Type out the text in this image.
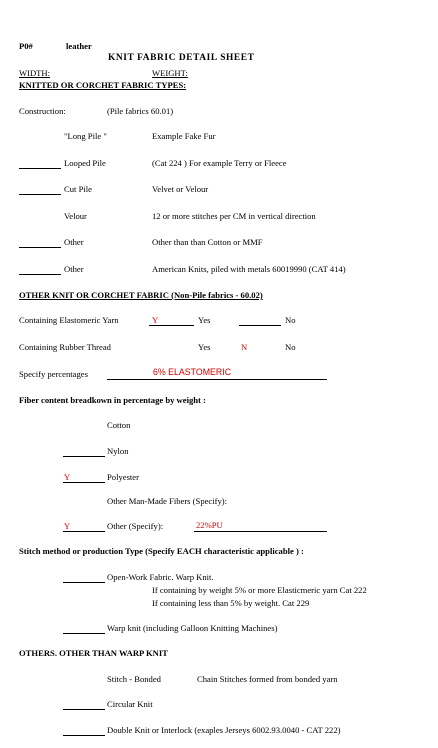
P0#	leather
KNIT FABRIC DETAIL SHEET
WIDTH:	WEIGHT:
KNITTED OR CORCHET FABRIC TYPES:
Construction:	(Pile fabrics 60.01)
"Long Pile "	Example Fake Fur
Looped Pile	(Cat 224 ) For example Terry or Fleece
Cut Pile	Velvet or Velour
Velour	12 or more stitches per CM in vertical direction
Other	Other than than Cotton or MMF
Other	American Knits, piled with metals 60019990 (CAT 414)
OTHER KNIT OR CORCHET FABRIC (Non-Pile fabrics - 60.02)
Containing Elastomeric Yarn	Y	Yes	No
Containing Rubber Thread	Yes	N	No
Specify percentages	6% ELASTOMERIC
Fiber content breadkown in percentage by weight :
Cotton
Nylon
Y	Polyester
Other Man-Made Fibers (Specify):
Y	Other (Specify):	22%PU
Stitch method or production Type (Specify EACH characteristic applicable ) :
Open-Work Fabric. Warp Knit.
If containing by weight 5% or more Elasticmeric yarn Cat 222
If containing less than 5% by weight. Cat 229
Warp knit (including Galloon Knitting Machines)
OTHERS. OTHER THAN WARP KNIT
Stitch - Bonded	Chain Stitches formed from bonded yarn
Circular Knit
Double Knit or Interlock (exaples Jerseys 6002.93.0040 - CAT 222)
